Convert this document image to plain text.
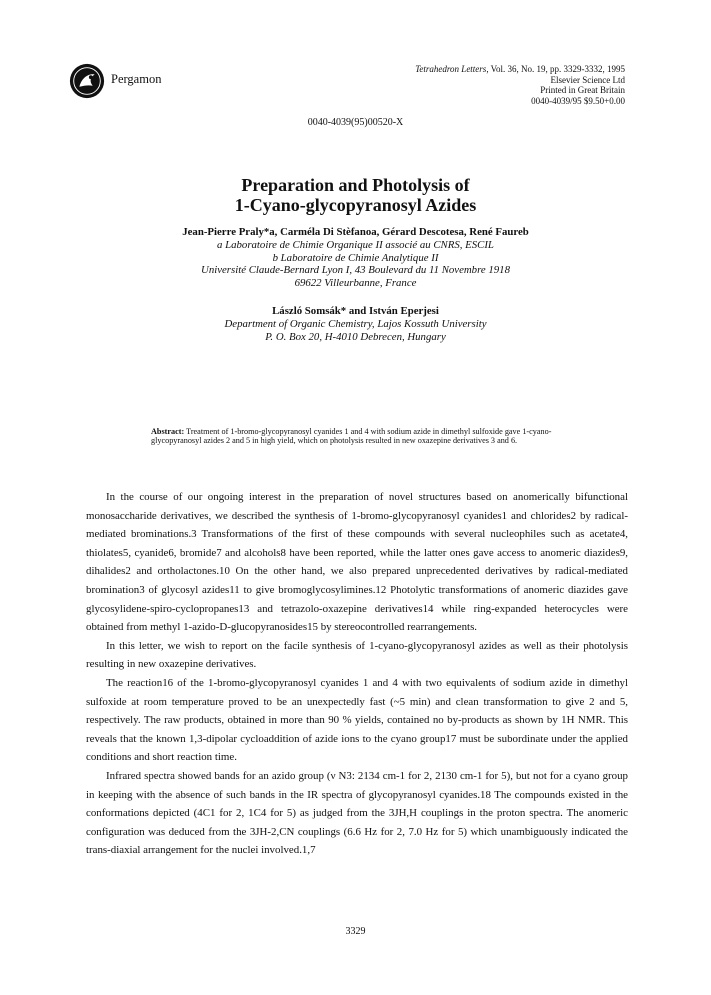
Pergamon
Tetrahedron Letters, Vol. 36, No. 19, pp. 3329-3332, 1995
Elsevier Science Ltd
Printed in Great Britain
0040-4039/95 $9.50+0.00
0040-4039(95)00520-X
Preparation and Photolysis of
1-Cyano-glycopyranosyl Azides
Jean-Pierre Praly*a, Carméla Di Stèfanoa, Gérard Descotesa, René Faureb
a Laboratoire de Chimie Organique II associé au CNRS, ESCIL
b Laboratoire de Chimie Analytique II
Université Claude-Bernard Lyon I, 43 Boulevard du 11 Novembre 1918
69622 Villeurbanne, France
László Somsák* and István Eperjesi
Department of Organic Chemistry, Lajos Kossuth University
P. O. Box 20, H-4010 Debrecen, Hungary
Abstract: Treatment of 1-bromo-glycopyranosyl cyanides 1 and 4 with sodium azide in dimethyl sulfoxide gave 1-cyano-glycopyranosyl azides 2 and 5 in high yield, which on photolysis resulted in new oxazepine derivatives 3 and 6.

In the course of our ongoing interest in the preparation of novel structures based on anomerically bifunctional monosaccharide derivatives, we described the synthesis of 1-bromo-glycopyranosyl cyanides1 and chlorides2 by radical-mediated brominations.3 Transformations of the first of these compounds with several nucleophiles such as acetate4, thiolates5, cyanide6, bromide7 and alcohols8 have been reported, while the latter ones gave access to anomeric diazides9, dihalides2 and ortholactones.10 On the other hand, we also prepared unprecedented derivatives by radical-mediated bromination3 of glycosyl azides11 to give bromoglycosylimines.12 Photolytic transformations of anomeric diazides gave glycosylidene-spiro-cyclopropanes13 and tetrazolo-oxazepine derivatives14 while ring-expanded heterocycles were obtained from methyl 1-azido-D-glucopyranosides15 by stereocontrolled rearrangements.

In this letter, we wish to report on the facile synthesis of 1-cyano-glycopyranosyl azides as well as their photolysis resulting in new oxazepine derivatives.

The reaction16 of the 1-bromo-glycopyranosyl cyanides 1 and 4 with two equivalents of sodium azide in dimethyl sulfoxide at room temperature proved to be an unexpectedly fast (~5 min) and clean transformation to give 2 and 5, respectively. The raw products, obtained in more than 90 % yields, contained no by-products as shown by 1H NMR. This reveals that the known 1,3-dipolar cycloaddition of azide ions to the cyano group17 must be subordinate under the applied conditions and short reaction time.

Infrared spectra showed bands for an azido group (ν N3: 2134 cm-1 for 2, 2130 cm-1 for 5), but not for a cyano group in keeping with the absence of such bands in the IR spectra of glycopyranosyl cyanides.18 The compounds existed in the conformations depicted (4C1 for 2, 1C4 for 5) as judged from the 3JH,H couplings in the proton spectra. The anomeric configuration was deduced from the 3JH-2,CN couplings (6.6 Hz for 2, 7.0 Hz for 5) which unambiguously indicated the trans-diaxial arrangement for the nuclei involved.1,7

3329
